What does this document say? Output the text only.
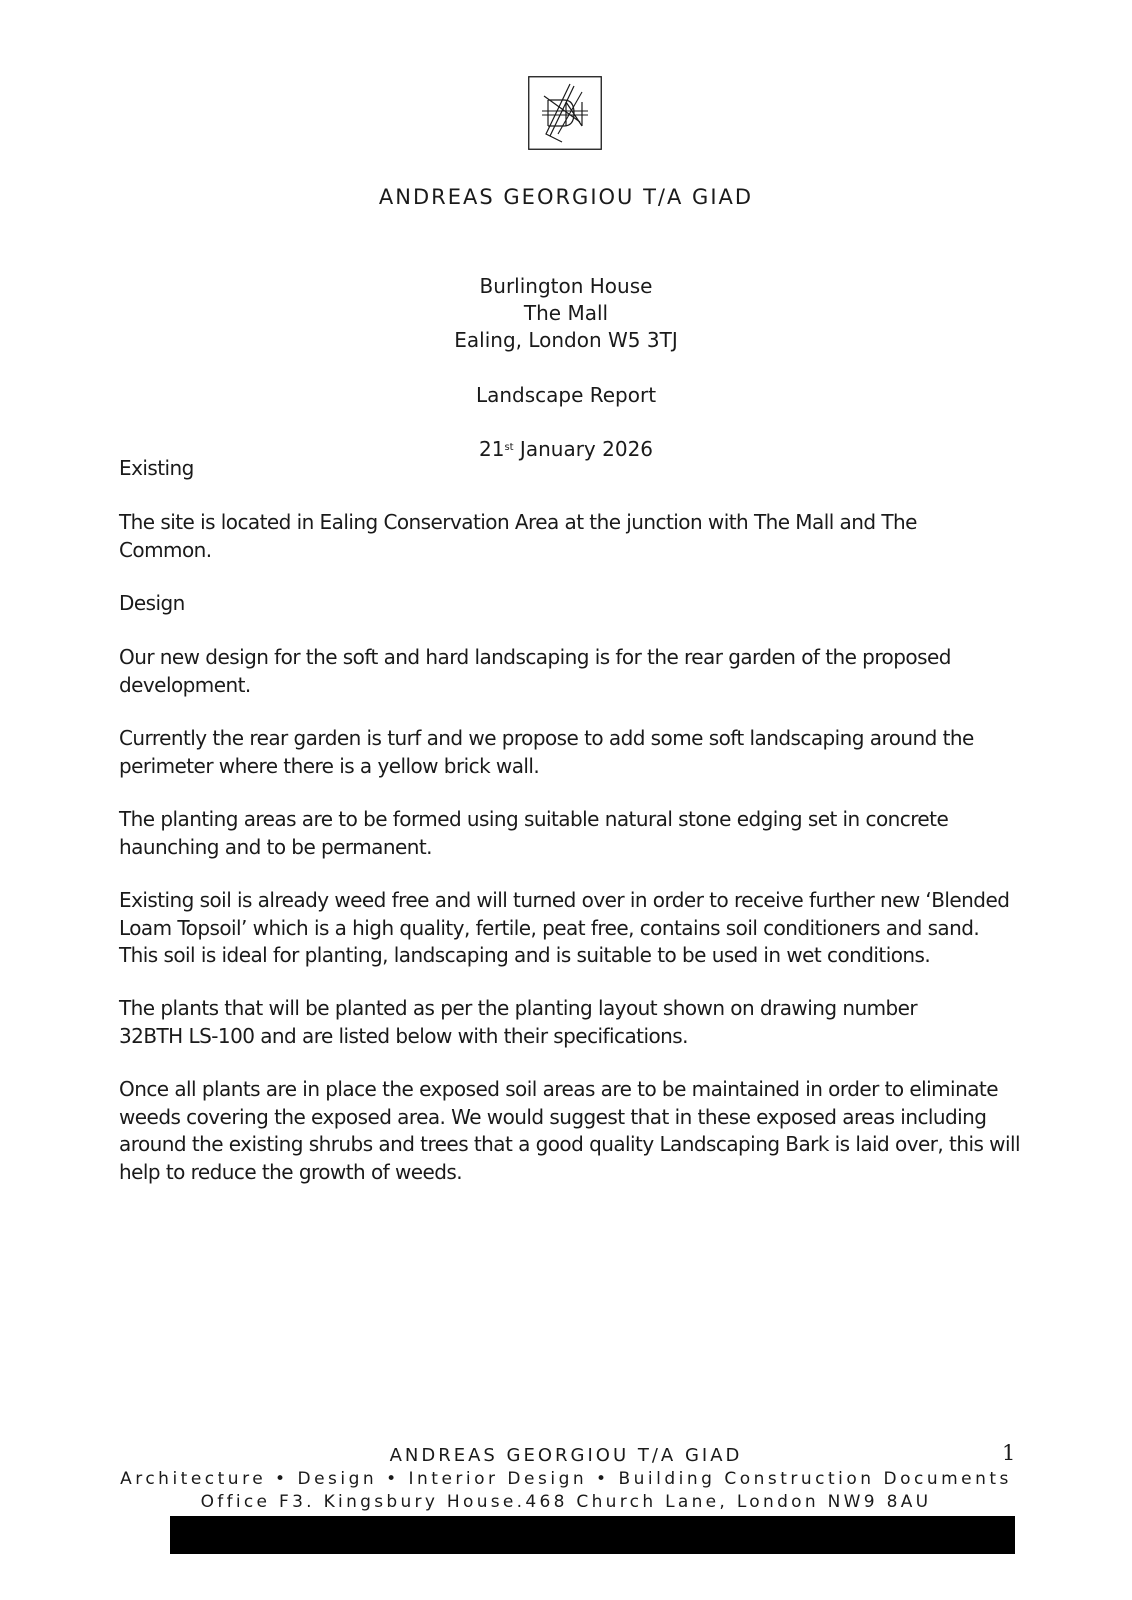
ANDREAS GEORGIOU T/A GIAD
Burlington House
The Mall
Ealing, London W5 3TJ
Landscape Report
21st January 2026
Existing

The site is located in Ealing Conservation Area at the junction with The Mall and The

Common.

Design

Our new design for the soft and hard landscaping is for the rear garden of the proposed

development.

Currently the rear garden is turf and we propose to add some soft landscaping around the

perimeter where there is a yellow brick wall.

The planting areas are to be formed using suitable natural stone edging set in concrete

haunching and to be permanent.

Existing soil is already weed free and will turned over in order to receive further new ‘Blended

Loam Topsoil’ which is a high quality, fertile, peat free, contains soil conditioners and sand.

This soil is ideal for planting, landscaping and is suitable to be used in wet conditions.

The plants that will be planted as per the planting layout shown on drawing number

32BTH LS-100 and are listed below with their specifications.

Once all plants are in place the exposed soil areas are to be maintained in order to eliminate

weeds covering the exposed area. We would suggest that in these exposed areas including

around the existing shrubs and trees that a good quality Landscaping Bark is laid over, this will

help to reduce the growth of weeds.

ANDREAS GEORGIOU T/A GIAD	1
Architecture • Design • Interior Design • Building Construction Documents
Office F3. Kingsbury House.468 Church Lane, London NW9 8AU
